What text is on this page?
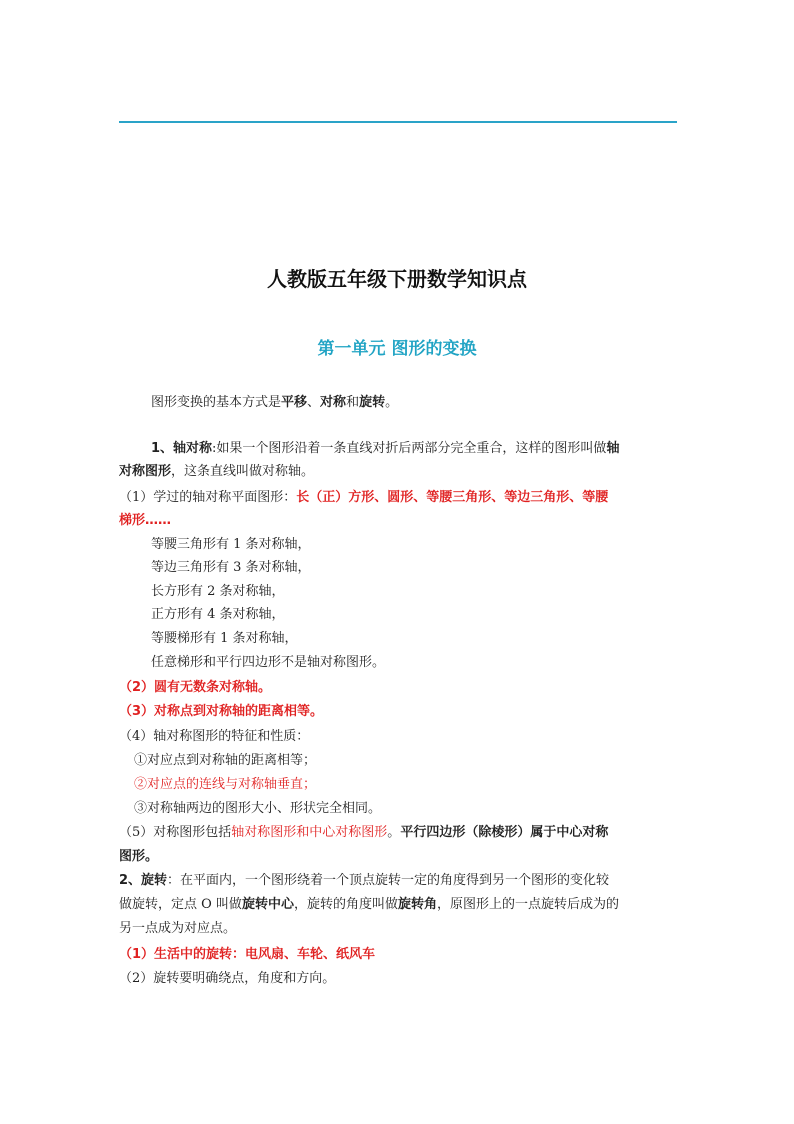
人教版五年级下册数学知识点
第一单元 图形的变换
图形变换的基本方式是平移、对称和旋转。
1、轴对称:如果一个图形沿着一条直线对折后两部分完全重合，这样的图形叫做轴
对称图形，这条直线叫做对称轴。
（1）学过的轴对称平面图形：长（正）方形、圆形、等腰三角形、等边三角形、等腰
梯形……
等腰三角形有 1 条对称轴，
等边三角形有 3 条对称轴，
长方形有 2 条对称轴，
正方形有 4 条对称轴，
等腰梯形有 1 条对称轴，
任意梯形和平行四边形不是轴对称图形。
（2）圆有无数条对称轴。
（3）对称点到对称轴的距离相等。
（4）轴对称图形的特征和性质：
①对应点到对称轴的距离相等；
②对应点的连线与对称轴垂直；
③对称轴两边的图形大小、形状完全相同。
（5）对称图形包括轴对称图形和中心对称图形。平行四边形（除棱形）属于中心对称
图形。
2、旋转：在平面内，一个图形绕着一个顶点旋转一定的角度得到另一个图形的变化较
做旋转，定点 O 叫做旋转中心，旋转的角度叫做旋转角，原图形上的一点旋转后成为的
另一点成为对应点。
（1）生活中的旋转：电风扇、车轮、纸风车
（2）旋转要明确绕点，角度和方向。
